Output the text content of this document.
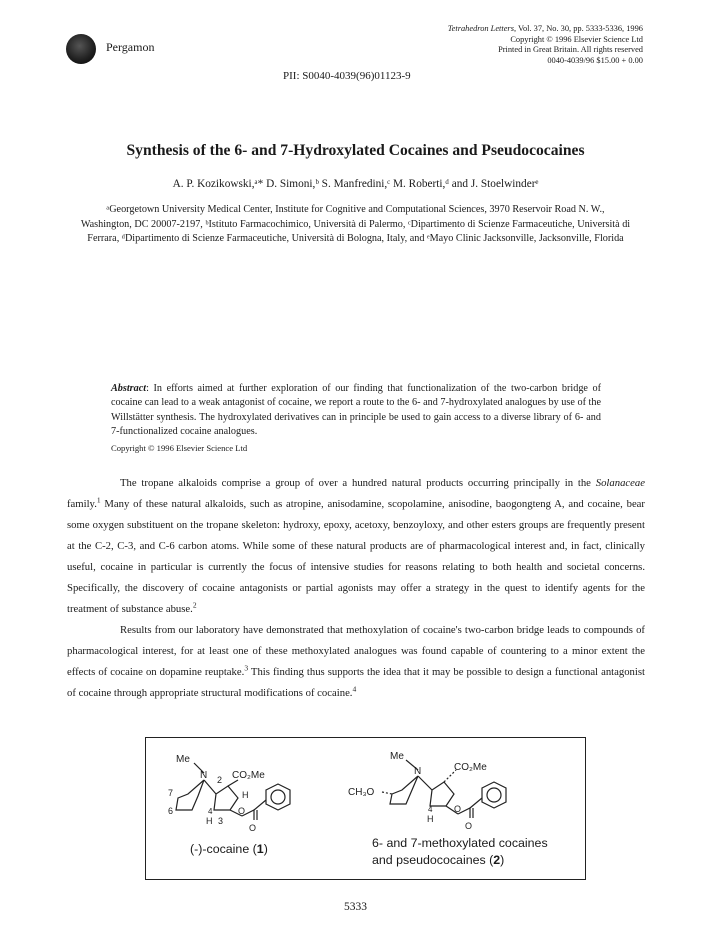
Pergamon
Tetrahedron Letters, Vol. 37, No. 30, pp. 5333-5336, 1996
Copyright © 1996 Elsevier Science Ltd
Printed in Great Britain. All rights reserved
0040-4039/96 $15.00 + 0.00
PII: S0040-4039(96)01123-9
Synthesis of the 6- and 7-Hydroxylated Cocaines and Pseudococaines
A. P. Kozikowski,ᵃ* D. Simoni,ᵇ S. Manfredini,ᶜ M. Roberti,ᵈ and J. Stoelwinderᵉ
ᵃGeorgetown University Medical Center, Institute for Cognitive and Computational Sciences, 3970 Reservoir Road N. W., Washington, DC 20007-2197, ᵇIstituto Farmacochimico, Università di Palermo, ᶜDipartimento di Scienze Farmaceutiche, Università di Ferrara, ᵈDipartimento di Scienze Farmaceutiche, Università di Bologna, Italy, and ᵉMayo Clinic Jacksonville, Jacksonville, Florida
Abstract: In efforts aimed at further exploration of our finding that functionalization of the two-carbon bridge of cocaine can lead to a weak antagonist of cocaine, we report a route to the 6- and 7-hydroxylated analogues by use of the Willstätter synthesis. The hydroxylated derivatives can in principle be used to gain access to a diverse library of 6- and 7-functionalized cocaine analogues.
Copyright © 1996 Elsevier Science Ltd

The tropane alkaloids comprise a group of over a hundred natural products occurring principally in the Solanaceae family.$^1$ Many of these natural alkaloids, such as atropine, anisodamine, scopolamine, anisodine, baogongteng A, and cocaine, bear some oxygen substituent on the tropane skeleton: hydroxy, epoxy, acetoxy, benzoyloxy, and other esters groups are frequently present at the C-2, C-3, and C-6 carbon atoms. While some of these natural products are of pharmacological interest and, in fact, clinically useful, cocaine in particular is currently the focus of intensive studies for reasons relating to both health and societal concerns. Specifically, the discovery of cocaine antagonists or partial agonists may offer a strategy in the quest to identify agents for the treatment of substance abuse.$^2$

Results from our laboratory have demonstrated that methoxylation of cocaine's two-carbon bridge leads to compounds of pharmacological interest, for at least one of these methoxylated analogues was found capable of countering to a minor extent the effects of cocaine on dopamine reuptake.$^3$ This finding thus supports the idea that it may be possible to design a functional antagonist of cocaine through appropriate structural modifications of cocaine.$^4$

Me
N 2 CO₂Me
H
7
6	4
H 3
O
O
Me
N	CO₂Me
CH₃O
4
H
O
O
(-)-cocaine (1)	6- and 7-methoxylated cocaines
and pseudococaines (2)
5333
